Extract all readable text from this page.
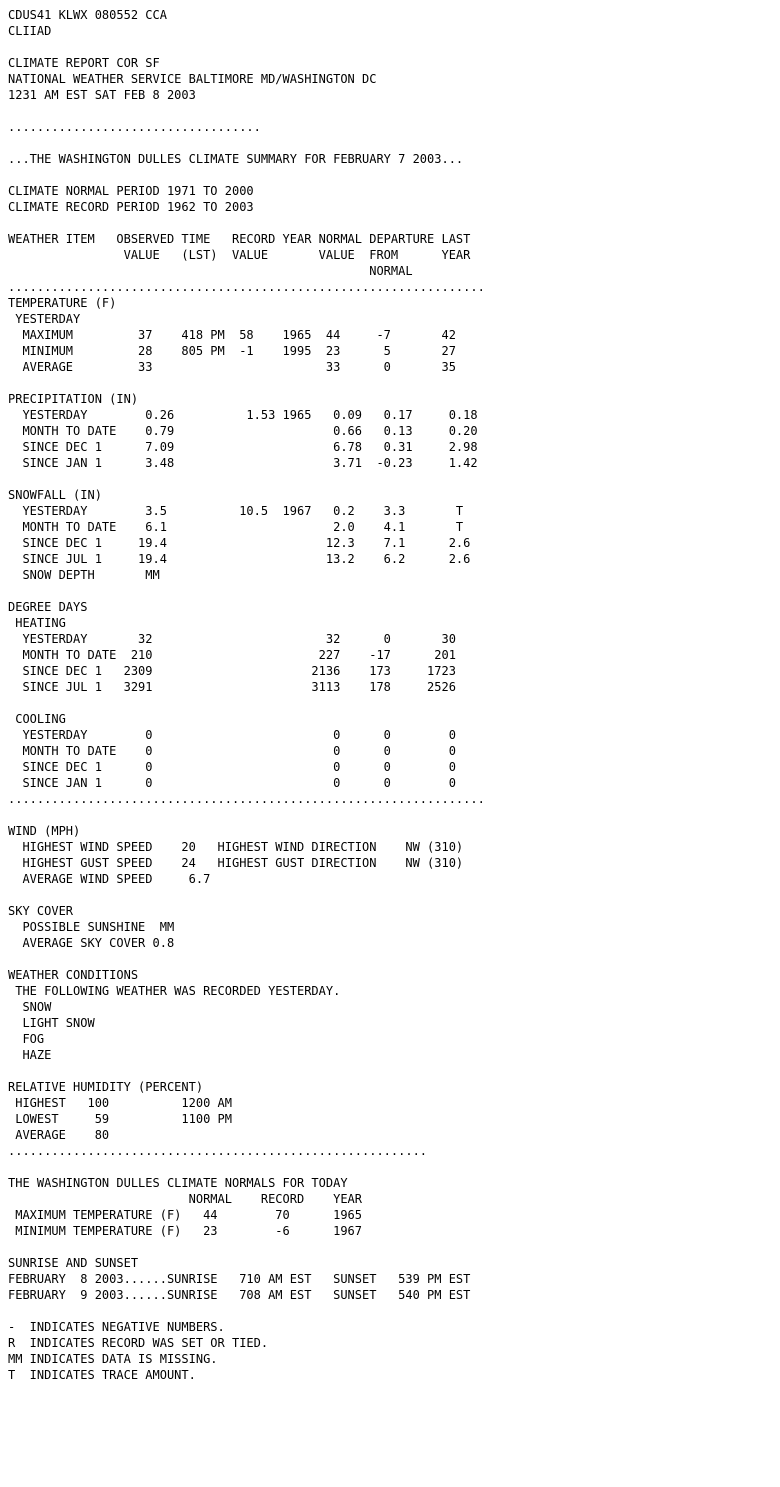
CDUS41 KLWX 080552 CCA
CLIIAD
CLIMATE REPORT COR SF
NATIONAL WEATHER SERVICE BALTIMORE MD/WASHINGTON DC
1231 AM EST SAT FEB 8 2003
...................................
...THE WASHINGTON DULLES CLIMATE SUMMARY FOR FEBRUARY 7 2003...
CLIMATE NORMAL PERIOD 1971 TO 2000
CLIMATE RECORD PERIOD 1962 TO 2003
WEATHER ITEM   OBSERVED TIME   RECORD YEAR NORMAL DEPARTURE LAST
VALUE   (LST)  VALUE       VALUE  FROM      YEAR
NORMAL
..................................................................
TEMPERATURE (F)
YESTERDAY
MAXIMUM         37    418 PM  58    1965  44     -7       42
MINIMUM         28    805 PM  -1    1995  23      5       27
AVERAGE         33                        33      0       35
PRECIPITATION (IN)
YESTERDAY        0.26          1.53 1965   0.09   0.17     0.18
MONTH TO DATE    0.79                      0.66   0.13     0.20
SINCE DEC 1      7.09                      6.78   0.31     2.98
SINCE JAN 1      3.48                      3.71  -0.23     1.42
SNOWFALL (IN)
YESTERDAY        3.5          10.5  1967   0.2    3.3       T
MONTH TO DATE    6.1                       2.0    4.1       T
SINCE DEC 1     19.4                      12.3    7.1      2.6
SINCE JUL 1     19.4                      13.2    6.2      2.6
SNOW DEPTH       MM
DEGREE DAYS
HEATING
YESTERDAY       32                        32      0       30
MONTH TO DATE  210                       227    -17      201
SINCE DEC 1   2309                      2136    173     1723
SINCE JUL 1   3291                      3113    178     2526
COOLING
YESTERDAY        0                         0      0        0
MONTH TO DATE    0                         0      0        0
SINCE DEC 1      0                         0      0        0
SINCE JAN 1      0                         0      0        0
..................................................................
WIND (MPH)
HIGHEST WIND SPEED    20   HIGHEST WIND DIRECTION    NW (310)
HIGHEST GUST SPEED    24   HIGHEST GUST DIRECTION    NW (310)
AVERAGE WIND SPEED     6.7
SKY COVER
POSSIBLE SUNSHINE  MM
AVERAGE SKY COVER 0.8
WEATHER CONDITIONS
THE FOLLOWING WEATHER WAS RECORDED YESTERDAY.
SNOW
LIGHT SNOW
FOG
HAZE
RELATIVE HUMIDITY (PERCENT)
HIGHEST   100          1200 AM
LOWEST     59          1100 PM
AVERAGE    80
..........................................................
THE WASHINGTON DULLES CLIMATE NORMALS FOR TODAY
NORMAL    RECORD    YEAR
MAXIMUM TEMPERATURE (F)   44        70      1965
MINIMUM TEMPERATURE (F)   23        -6      1967
SUNRISE AND SUNSET
FEBRUARY  8 2003......SUNRISE   710 AM EST   SUNSET   539 PM EST
FEBRUARY  9 2003......SUNRISE   708 AM EST   SUNSET   540 PM EST
-  INDICATES NEGATIVE NUMBERS.
R  INDICATES RECORD WAS SET OR TIED.
MM INDICATES DATA IS MISSING.
T  INDICATES TRACE AMOUNT.
